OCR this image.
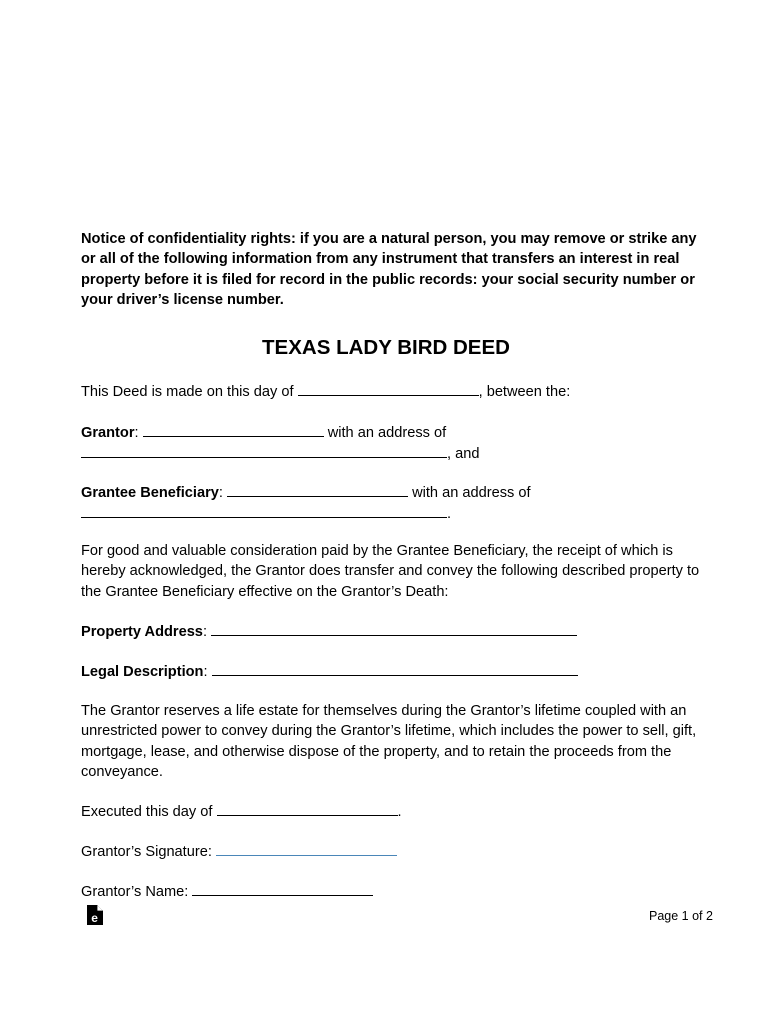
Notice of confidentiality rights: if you are a natural person, you may remove or strike any or all of the following information from any instrument that transfers an interest in real property before it is filed for record in the public records: your social security number or your driver’s license number.

TEXAS LADY BIRD DEED

This Deed is made on this day of	, between the:

Grantor:	with an address of
, and

Grantee Beneficiary:	with an address of
.

For good and valuable consideration paid by the Grantee Beneficiary, the receipt of which is hereby acknowledged, the Grantor does transfer and convey the following described property to the Grantee Beneficiary effective on the Grantor’s Death:

Property Address:

Legal Description:

The Grantor reserves a life estate for themselves during the Grantor’s lifetime coupled with an unrestricted power to convey during the Grantor’s lifetime, which includes the power to sell, gift, mortgage, lease, and otherwise dispose of the property, and to retain the proceeds from the conveyance.

Executed this day of	.

Grantor’s Signature:

Grantor’s Name:

e	Page 1 of 2
